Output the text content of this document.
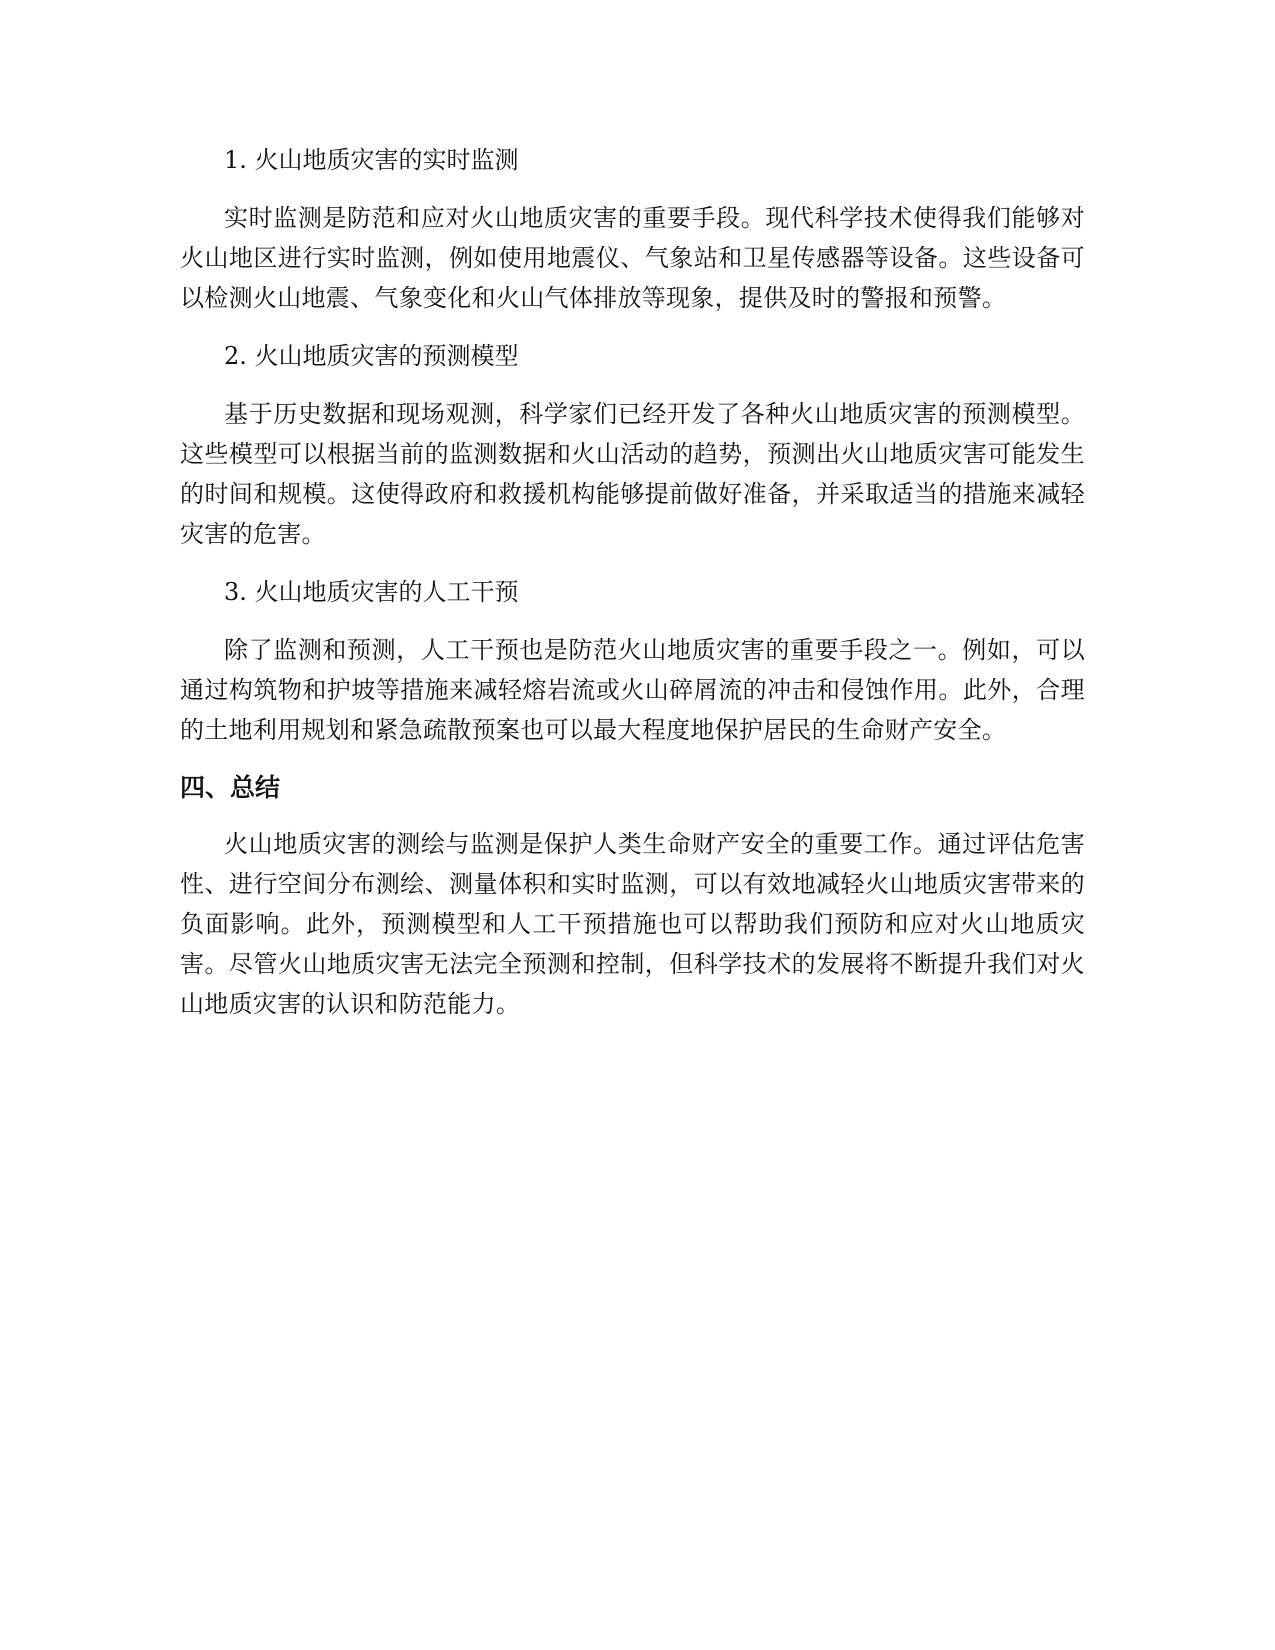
1. 火山地质灾害的实时监测

实时监测是防范和应对火山地质灾害的重要手段。现代科学技术使得我们能够对火山地区进行实时监测，例如使用地震仪、气象站和卫星传感器等设备。这些设备可以检测火山地震、气象变化和火山气体排放等现象，提供及时的警报和预警。

2. 火山地质灾害的预测模型

基于历史数据和现场观测，科学家们已经开发了各种火山地质灾害的预测模型。这些模型可以根据当前的监测数据和火山活动的趋势，预测出火山地质灾害可能发生的时间和规模。这使得政府和救援机构能够提前做好准备，并采取适当的措施来减轻灾害的危害。

3. 火山地质灾害的人工干预

除了监测和预测，人工干预也是防范火山地质灾害的重要手段之一。例如，可以通过构筑物和护坡等措施来减轻熔岩流或火山碎屑流的冲击和侵蚀作用。此外，合理的土地利用规划和紧急疏散预案也可以最大程度地保护居民的生命财产安全。

四、总结

火山地质灾害的测绘与监测是保护人类生命财产安全的重要工作。通过评估危害性、进行空间分布测绘、测量体积和实时监测，可以有效地减轻火山地质灾害带来的负面影响。此外，预测模型和人工干预措施也可以帮助我们预防和应对火山地质灾害。尽管火山地质灾害无法完全预测和控制，但科学技术的发展将不断提升我们对火山地质灾害的认识和防范能力。
